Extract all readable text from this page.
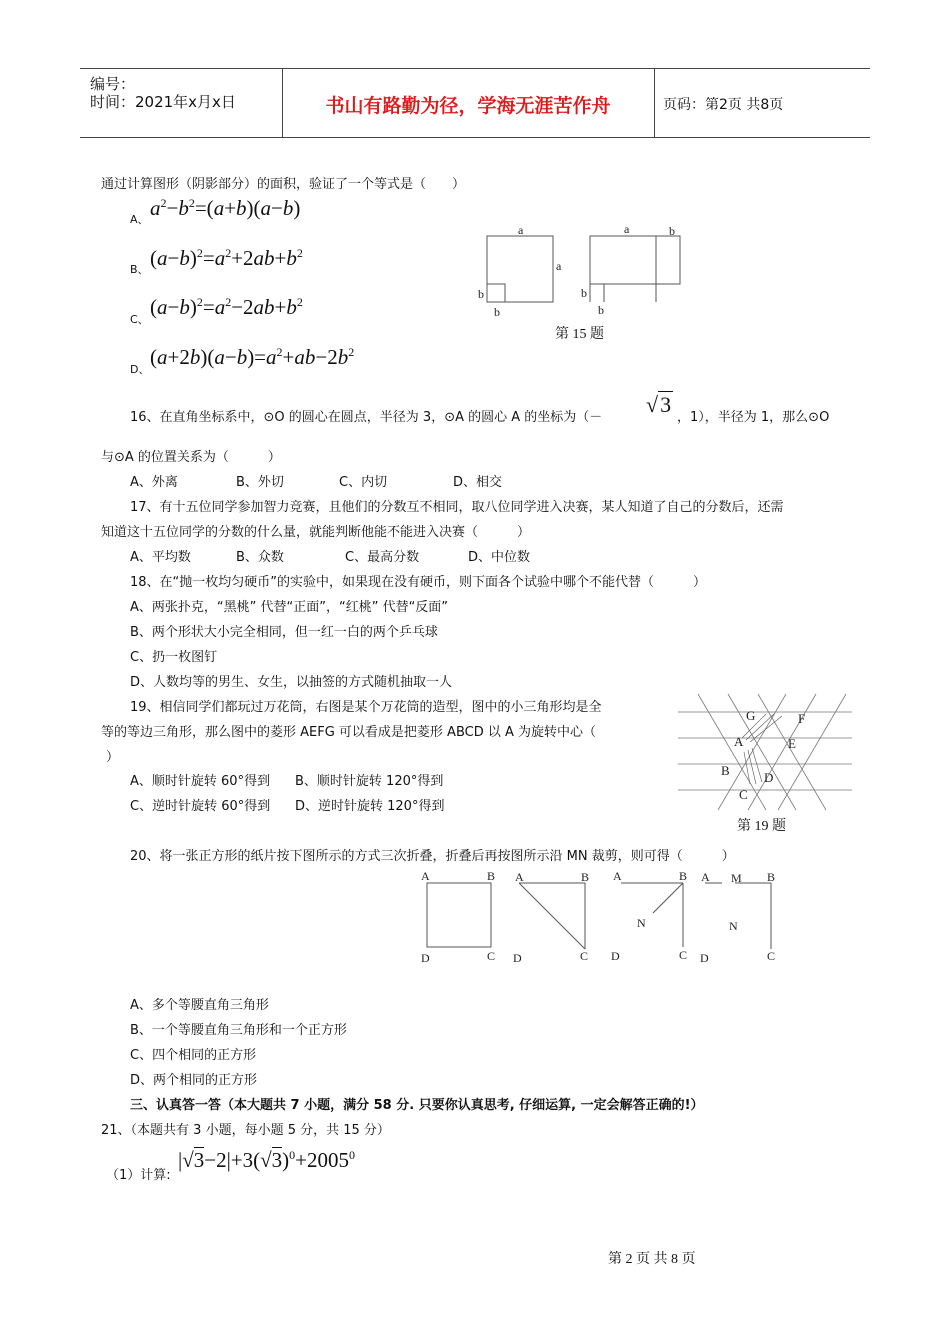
编号：
时间：2021年x月x日	书山有路勤为径，学海无涯苦作舟	页码：第2页 共8页
通过计算图形（阴影部分）的面积，验证了一个等式是（　　）
A、 $a^2-b^2=(a+b)(a-b)$
B、 $(a-b)^2=a^2+2ab+b^2$
C、
$(a-b)^2=a^2-2ab+b^2$
D、
$(a+2b)(a-b)=a^2+ab-2b^2$
a
a
b
b
a	b
b
b
第 15 题
16、在直角坐标系中，⊙O 的圆心在圆点，半径为 3，⊙A 的圆心 A 的坐标为（－
√3
，1），半径为 1，那么⊙O
与⊙A 的位置关系为（　　　）
A、外离	B、外切	C、内切	D、相交
17、有十五位同学参加智力竞赛，且他们的分数互不相同，取八位同学进入决赛，某人知道了自己的分数后，还需
知道这十五位同学的分数的什么量，就能判断他能不能进入决赛（　　　）
A、平均数	B、众数	C、最高分数	D、中位数
18、在“抛一枚均匀硬币”的实验中，如果现在没有硬币，则下面各个试验中哪个不能代替（　　　）
A、两张扑克，“黑桃” 代替“正面”，“红桃” 代替“反面”
B、两个形状大小完全相同，但一红一白的两个乒乓球
C、扔一枚图钉
D、人数均等的男生、女生，以抽签的方式随机抽取一人
19、相信同学们都玩过万花筒，右图是某个万花筒的造型，图中的小三角形均是全
等的等边三角形，那么图中的菱形 AEFG 可以看成是把菱形 ABCD 以 A 为旋转中心（
）
A、顺时针旋转 60°得到 B、顺时针旋转 120°得到
C、逆时针旋转 60°得到 D、逆时针旋转 120°得到
G	F
A	E
B	D
C
第 19 题
20、将一张正方形的纸片按下图所示的方式三次折叠，折叠后再按图所示沿 MN 裁剪，则可得（　　　）
A	B
D	C
A	B
D	C
A	B
N
D	C
A M B
N
D	C
A、多个等腰直角三角形
B、一个等腰直角三角形和一个正方形
C、四个相同的正方形
D、两个相同的正方形
三、认真答一答（本大题共 7 小题，满分 58 分. 只要你认真思考, 仔细运算, 一定会解答正确的!）
21、（本题共有 3 小题，每小题 5 分，共 15 分）
（1）计算:
$|√3-2|+3(√3)^0+2005^0$
第 2 页 共 8 页
